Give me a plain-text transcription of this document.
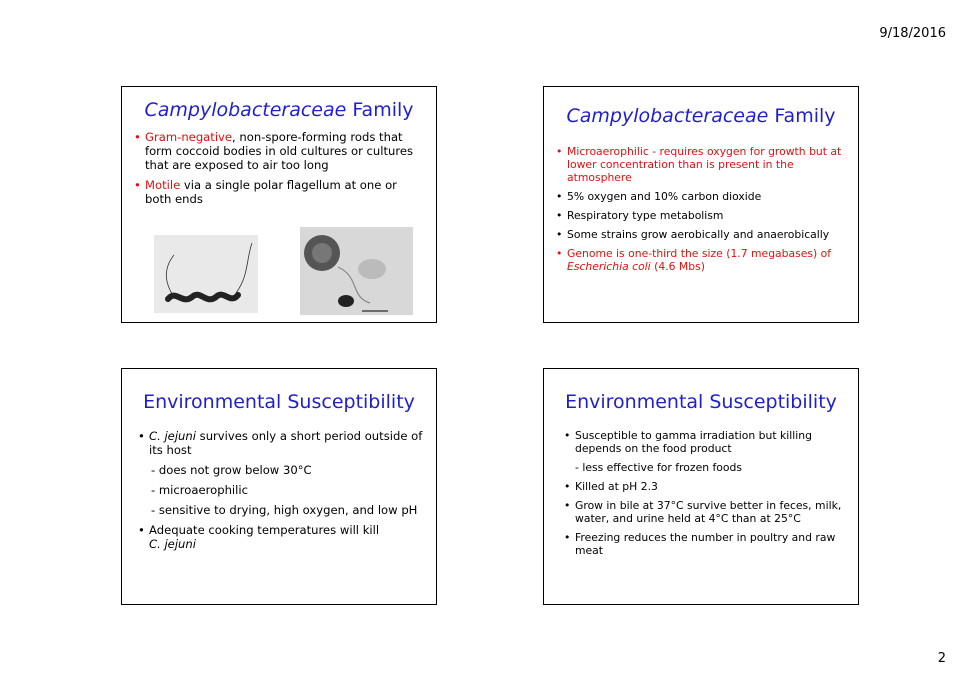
9/18/2016
Campylobacteraceae Family
• Gram-negative, non-spore-forming rods that form coccoid bodies in old cultures or cultures that are exposed to air too long
• Motile via a single polar flagellum at one or both ends
Campylobacteraceae Family
• Microaerophilic - requires oxygen for growth but at lower concentration than is present in the atmosphere
• 5% oxygen and 10% carbon dioxide
• Respiratory type metabolism
• Some strains grow aerobically and anaerobically
• Genome is one-third the size (1.7 megabases) of Escherichia coli (4.6 Mbs)
Environmental Susceptibility
• C. jejuni survives only a short period outside of its host
- does not grow below 30°C
- microaerophilic
- sensitive to drying, high oxygen, and low pH
• Adequate cooking temperatures will kill
C. jejuni
Environmental Susceptibility
• Susceptible to gamma irradiation but killing depends on the food product
- less effective for frozen foods
• Killed at pH 2.3
• Grow in bile at 37°C survive better in feces, milk, water, and urine held at 4°C than at 25°C
• Freezing reduces the number in poultry and raw meat
2
